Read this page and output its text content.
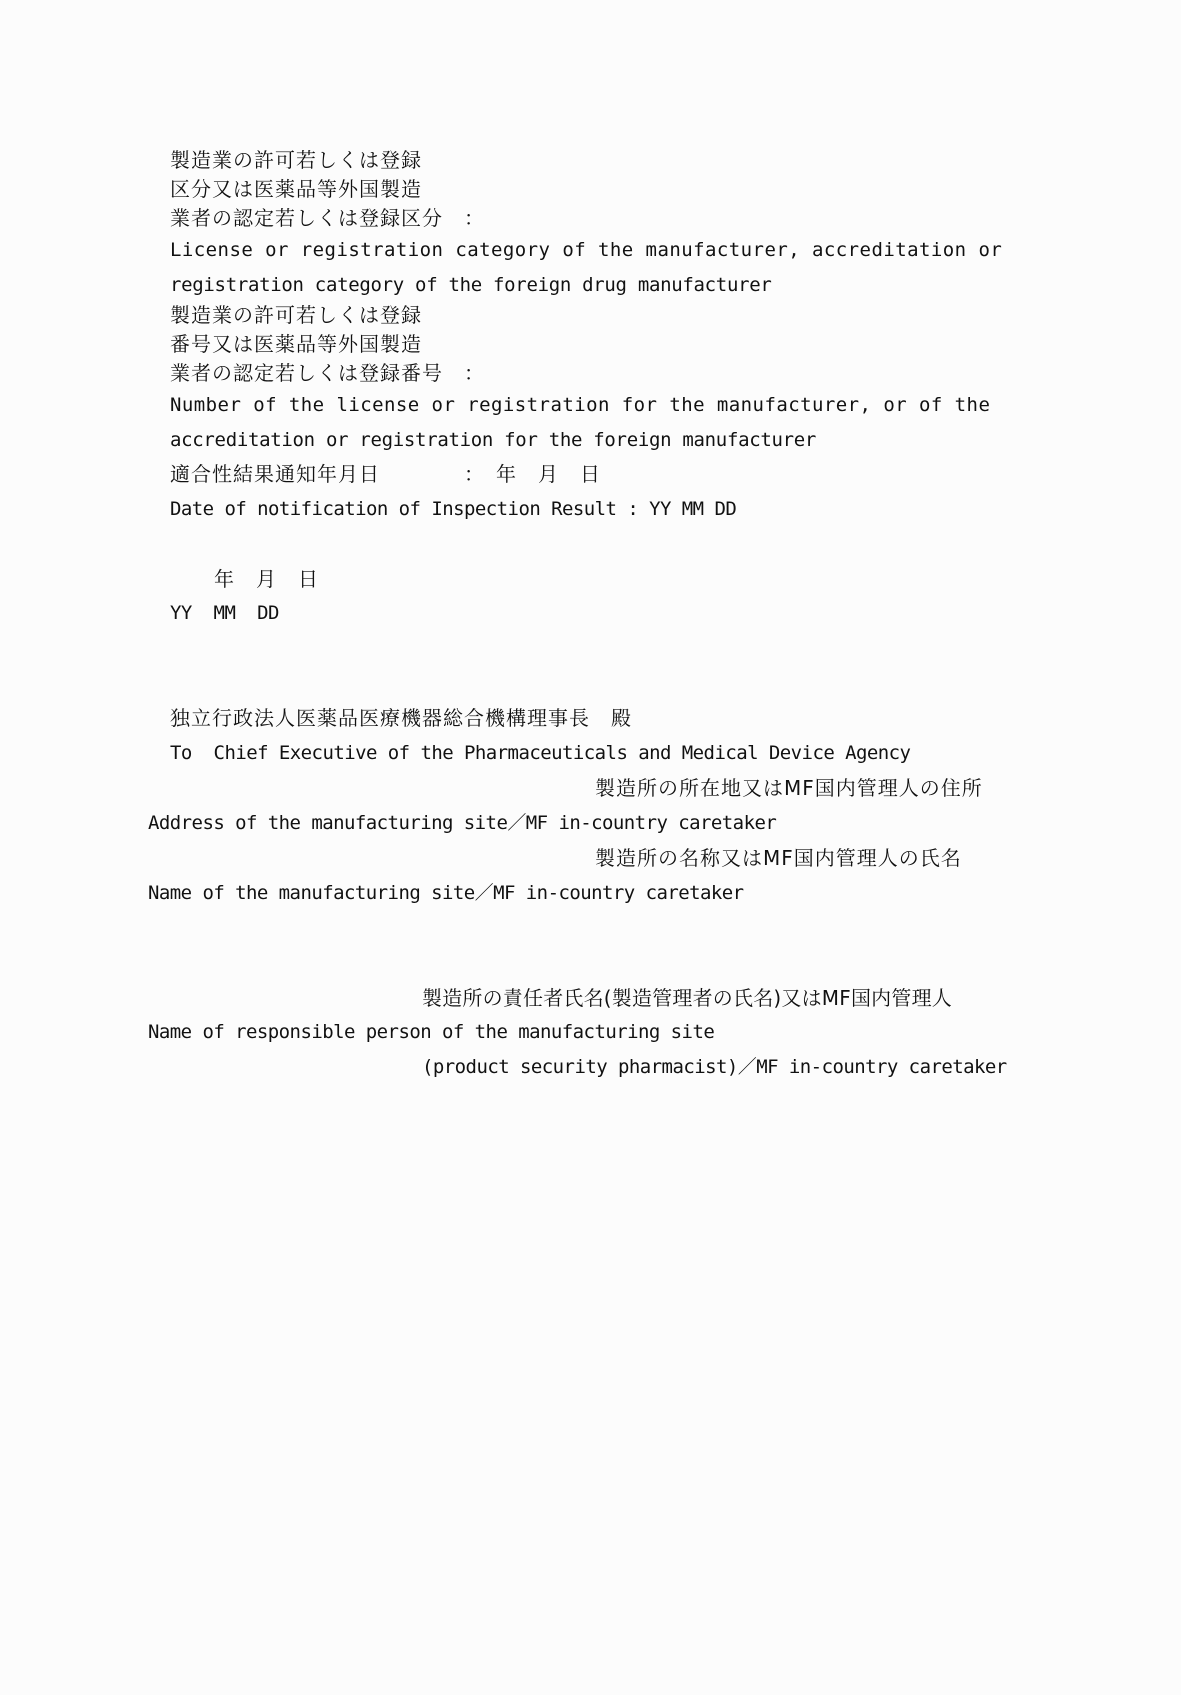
製造業の許可若しくは登録
区分又は医薬品等外国製造
業者の認定若しくは登録区分　：
License or registration category of the manufacturer, accreditation or
registration category of the foreign drug manufacturer
製造業の許可若しくは登録
番号又は医薬品等外国製造
業者の認定若しくは登録番号　：
Number of the license or registration for the manufacturer, or of the
accreditation or registration for the foreign manufacturer
適合性結果通知年月日　　　　：　年　月　日
Date of notification of Inspection Result : YY MM DD
年　月　日
YY  MM  DD
独立行政法人医薬品医療機器総合機構理事長　殿
To  Chief Executive of the Pharmaceuticals and Medical Device Agency
製造所の所在地又はMF国内管理人の住所
Address of the manufacturing site／MF in-country caretaker
製造所の名称又はMF国内管理人の氏名
Name of the manufacturing site／MF in-country caretaker
製造所の責任者氏名(製造管理者の氏名)又はMF国内管理人
Name of responsible person of the manufacturing site
(product security pharmacist)／MF in-country caretaker
